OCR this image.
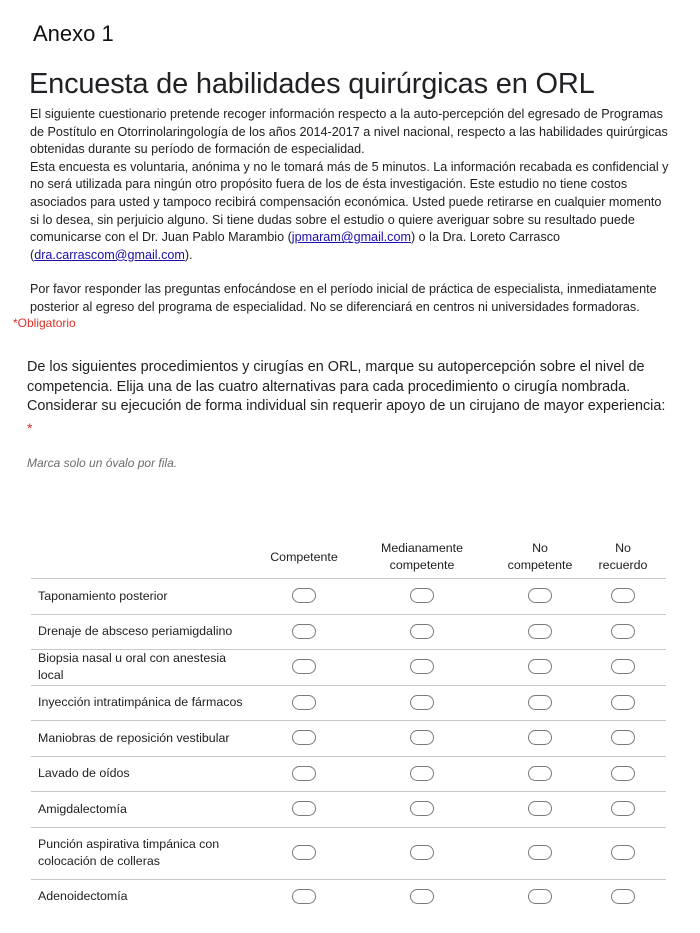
Anexo 1
Encuesta de habilidades quirúrgicas en ORL

El siguiente cuestionario pretende recoger información respecto a la auto-percepción del egresado de Programas de Postítulo en Otorrinolaringología de los años 2014-2017 a nivel nacional, respecto a las habilidades quirúrgicas obtenidas durante su período de formación de especialidad.

Esta encuesta es voluntaria, anónima y no le tomará más de 5 minutos. La información recabada es confidencial y no será utilizada para ningún otro propósito fuera de los de ésta investigación. Este estudio no tiene costos asociados para usted y tampoco recibirá compensación económica. Usted puede retirarse en cualquier momento si lo desea, sin perjuicio alguno. Si tiene dudas sobre el estudio o quiere averiguar sobre su resultado puede comunicarse con el Dr. Juan Pablo Marambio (jpmaram@gmail.com) o la Dra. Loreto Carrasco (dra.carrascom@gmail.com).

Por favor responder las preguntas enfocándose en el período inicial de práctica de especialista, inmediatamente posterior al egreso del programa de especialidad. No se diferenciará en centros ni universidades formadoras.

*Obligatorio
De los siguientes procedimientos y cirugías en ORL, marque su autopercepción sobre el nivel de competencia. Elija una de las cuatro alternativas para cada procedimiento o cirugía nombrada. Considerar su ejecución de forma individual sin requerir apoyo de un cirujano de mayor experiencia:
*
Marca solo un óvalo por fila.
Competente
Medianamente
competente
No
competente
No
recuerdo
Taponamiento posterior
Drenaje de absceso periamigdalino
Biopsia nasal u oral con anestesia local
Inyección intratimpánica de fármacos
Maniobras de reposición vestibular
Lavado de oídos
Amigdalectomía
Punción aspirativa timpánica con colocación de colleras
Adenoidectomía
